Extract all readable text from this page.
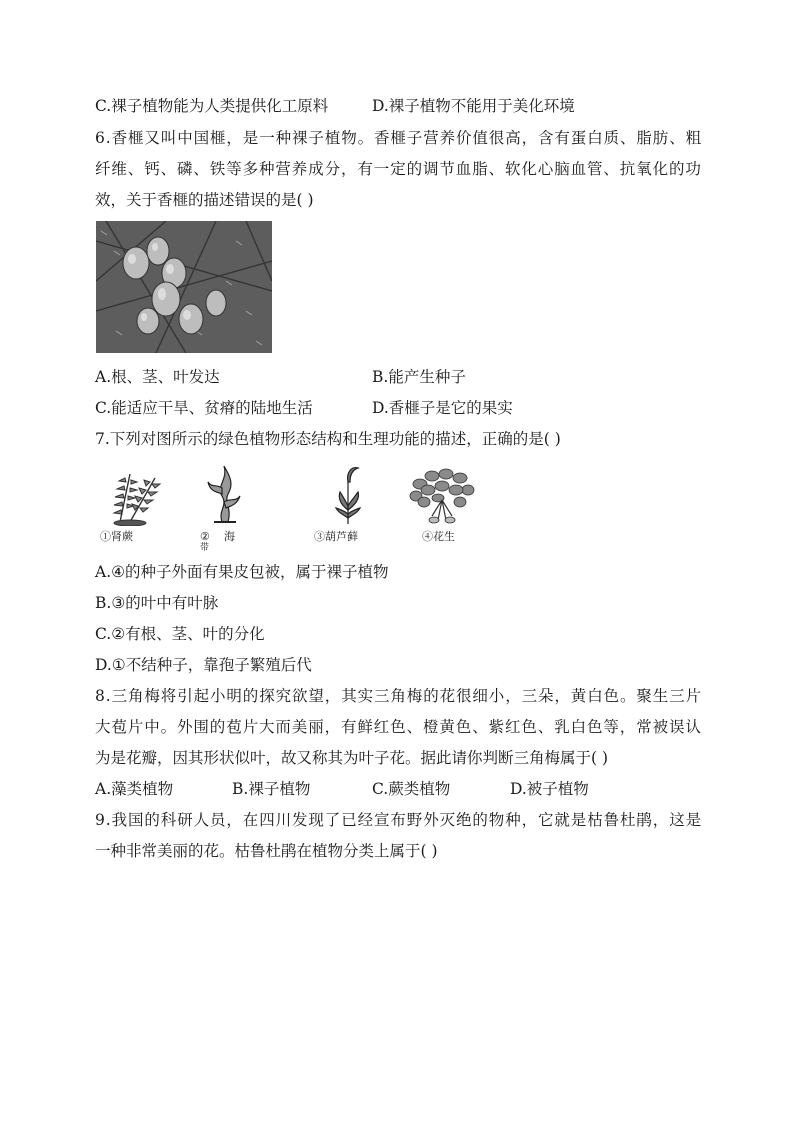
C.裸子植物能为人类提供化工原料	D.裸子植物不能用于美化环境
6.香榧又叫中国榧，是一种裸子植物。香榧子营养价值很高，含有蛋白质、脂肪、粗
纤维、钙、磷、铁等多种营养成分，有一定的调节血脂、软化心脑血管、抗氧化的功
效，关于香榧的描述错误的是( )
A.根、茎、叶发达	B.能产生种子
C.能适应干旱、贫瘠的陆地生活	D.香榧子是它的果实
7.下列对图所示的绿色植物形态结构和生理功能的描述，正确的是( )
①肾蕨	② 海
带
③葫芦藓	④花生
A.④的种子外面有果皮包被，属于裸子植物
B.③的叶中有叶脉
C.②有根、茎、叶的分化
D.①不结种子，靠孢子繁殖后代
8.三角梅将引起小明的探究欲望，其实三角梅的花很细小，三朵，黄白色。聚生三片
大苞片中。外围的苞片大而美丽，有鲜红色、橙黄色、紫红色、乳白色等，常被误认
为是花瓣，因其形状似叶，故又称其为叶子花。据此请你判断三角梅属于( )
A.藻类植物	B.裸子植物	C.蕨类植物	D.被子植物
9.我国的科研人员，在四川发现了已经宣布野外灭绝的物种，它就是枯鲁杜鹃，这是
一种非常美丽的花。枯鲁杜鹃在植物分类上属于( )
